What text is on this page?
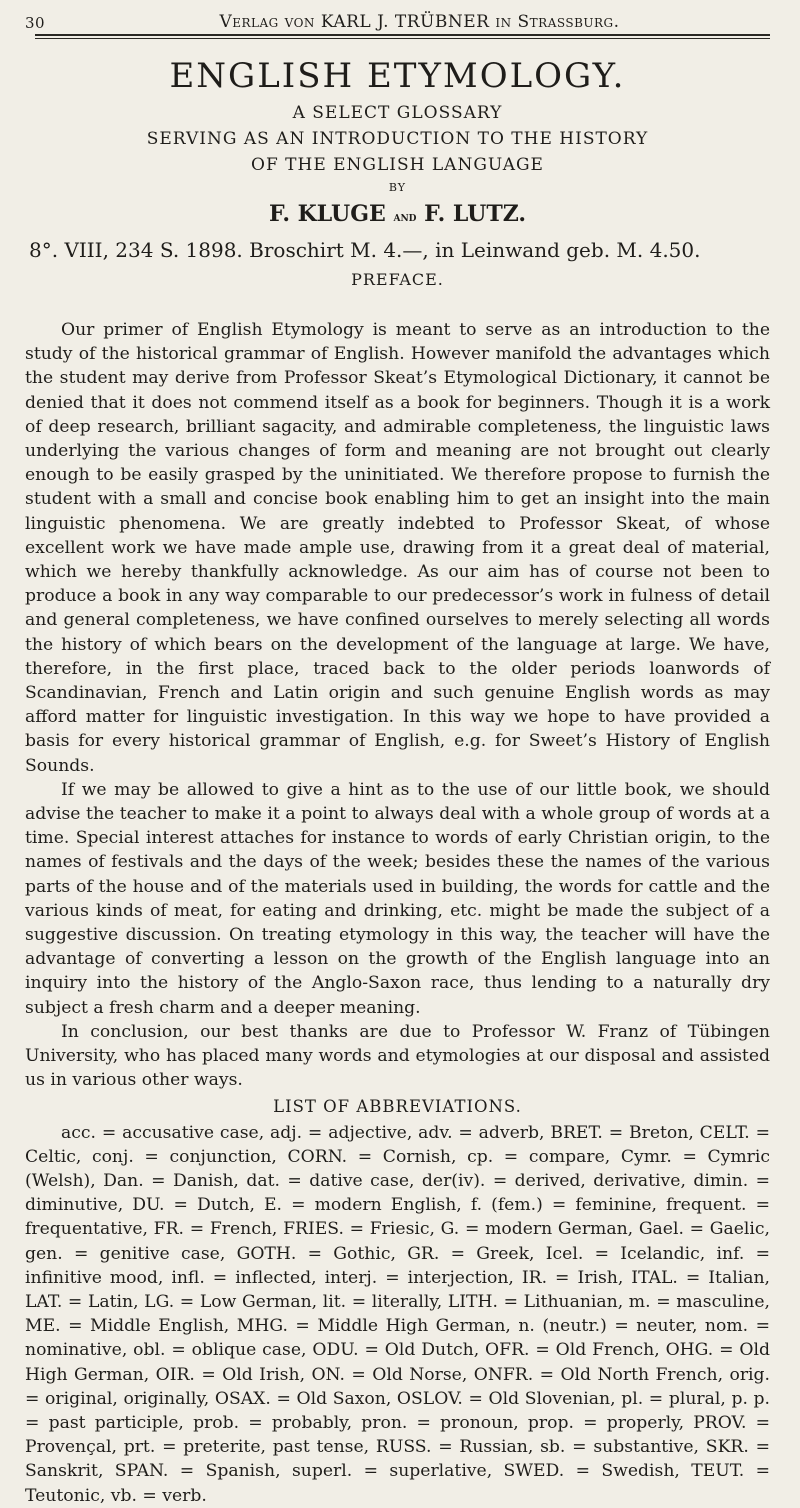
30	Verlag von KARL J. TRÜBNER in Strassburg.
ENGLISH ETYMOLOGY.
A SELECT GLOSSARY
SERVING AS AN INTRODUCTION TO THE HISTORY
OF THE ENGLISH LANGUAGE
BY
F. KLUGE and F. LUTZ.
8°. VIII, 234 S. 1898. Broschirt M. 4.—, in Leinwand geb. M. 4.50.
PREFACE.

Our primer of English Etymology is meant to serve as an introduction to the study of the historical grammar of English. However manifold the advantages which the student may derive from Professor Skeat’s Etymological Dictionary, it cannot be denied that it does not commend itself as a book for beginners. Though it is a work of deep research, brilliant sagacity, and admirable completeness, the linguistic laws underlying the various changes of form and meaning are not brought out clearly enough to be easily grasped by the uninitiated. We therefore propose to furnish the student with a small and concise book enabling him to get an insight into the main linguistic phenomena. We are greatly indebted to Professor Skeat, of whose excellent work we have made ample use, drawing from it a great deal of material, which we hereby thankfully acknowledge. As our aim has of course not been to produce a book in any way comparable to our predecessor’s work in fulness of detail and general completeness, we have confined ourselves to merely selecting all words the history of which bears on the development of the language at large. We have, therefore, in the first place, traced back to the older periods loanwords of Scandinavian, French and Latin origin and such genuine English words as may afford matter for linguistic investigation. In this way we hope to have provided a basis for every historical grammar of English, e.g. for Sweet’s History of English Sounds.

If we may be allowed to give a hint as to the use of our little book, we should advise the teacher to make it a point to always deal with a whole group of words at a time. Special interest attaches for instance to words of early Christian origin, to the names of festivals and the days of the week; besides these the names of the various parts of the house and of the materials used in building, the words for cattle and the various kinds of meat, for eating and drinking, etc. might be made the subject of a suggestive discussion. On treating etymology in this way, the teacher will have the advantage of converting a lesson on the growth of the English language into an inquiry into the history of the Anglo-Saxon race, thus lending to a naturally dry subject a fresh charm and a deeper meaning.

In conclusion, our best thanks are due to Professor W. Franz of Tübingen University, who has placed many words and etymologies at our disposal and assisted us in various other ways.

LIST OF ABBREVIATIONS.

acc. = accusative case, adj. = adjective, adv. = adverb, BRET. = Breton, CELT. = Celtic, conj. = conjunction, CORN. = Cornish, cp. = compare, Cymr. = Cymric (Welsh), Dan. = Danish, dat. = dative case, der(iv). = derived, derivative, dimin. = diminutive, DU. = Dutch, E. = modern English, f. (fem.) = feminine, frequent. = frequentative, FR. = French, FRIES. = Friesic, G. = modern German, Gael. = Gaelic, gen. = genitive case, GOTH. = Gothic, GR. = Greek, Icel. = Icelandic, inf. = infinitive mood, infl. = inflected, interj. = interjection, IR. = Irish, ITAL. = Italian, LAT. = Latin, LG. = Low German, lit. = literally, LITH. = Lithuanian, m. = masculine, ME. = Middle English, MHG. = Middle High German, n. (neutr.) = neuter, nom. = nominative, obl. = oblique case, ODU. = Old Dutch, OFR. = Old French, OHG. = Old High German, OIR. = Old Irish, ON. = Old Norse, ONFR. = Old North French, orig. = original, originally, OSAX. = Old Saxon, OSLOV. = Old Slovenian, pl. = plural, p. p. = past participle, prob. = probably, pron. = pronoun, prop. = properly, PROV. = Provençal, prt. = preterite, past tense, RUSS. = Russian, sb. = substantive, SKR. = Sanskrit, SPAN. = Spanish, superl. = superlative, SWED. = Swedish, TEUT. = Teutonic, vb. = verb.
